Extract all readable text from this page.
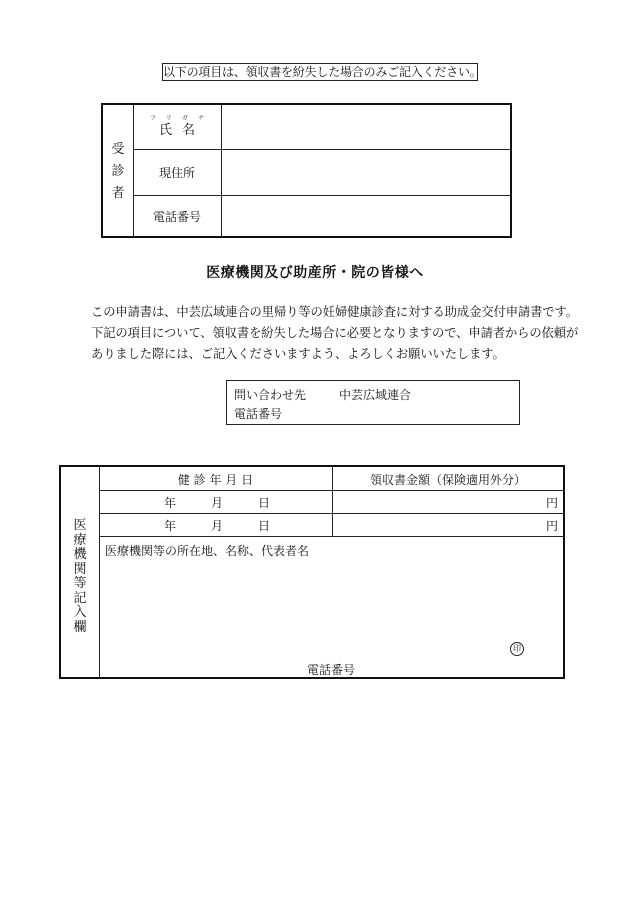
以下の項目は、領収書を紛失した場合のみご記入ください。
受
診
者
フリガナ
氏名
現住所
電話番号
医療機関及び助産所・院の皆様へ
この申請書は、中芸広域連合の里帰り等の妊婦健康診査に対する助成金交付申請書です。
下記の項目について、領収書を紛失した場合に必要となりますので、申請者からの依頼が
ありました際には、ご記入くださいますよう、よろしくお願いいたします。
問い合わせ先	中芸広域連合
電話番号
医
療
機
関
等
記
入
欄
健 診 年 月 日	領収書金額（保険適用外分）
年	月	日	円
年	月	日	円
医療機関等の所在地、名称、代表者名
印
電話番号
